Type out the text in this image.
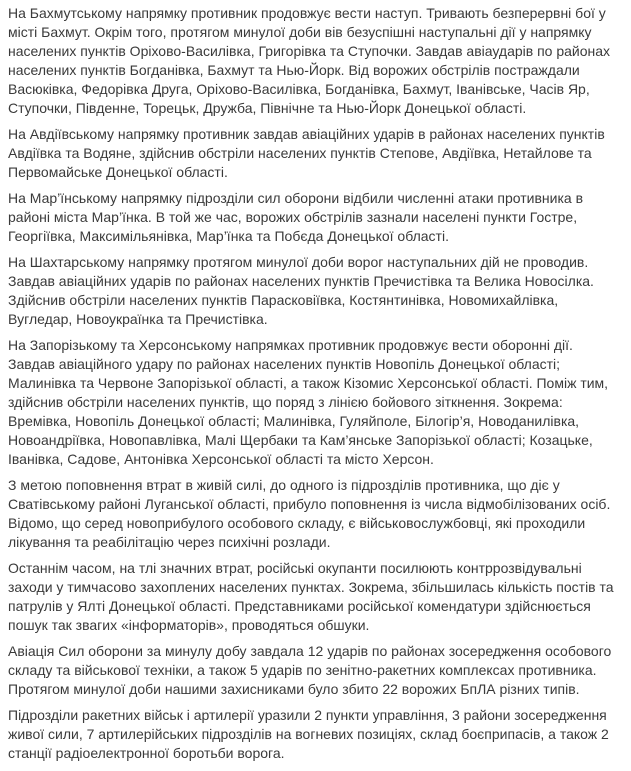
На Бахмутському напрямку противник продовжує вести наступ. Тривають безперервні бої у місті Бахмут. Окрім того, протягом минулої доби вів безуспішні наступальні дії у напрямку населених пунктів Оріхово-Василівка, Григорівка та Ступочки. Завдав авіаударів по районах населених пунктів Богданівка, Бахмут та Нью-Йорк. Від ворожих обстрілів постраждали Васюківка, Федорівка Друга, Оріхово-Василівка, Богданівка, Бахмут, Іванівське, Часів Яр, Ступочки, Південне, Торецьк, Дружба, Північне та Нью-Йорк Донецької області.

На Авдіївському напрямку противник завдав авіаційних ударів в районах населених пунктів Авдіївка та Водяне, здійснив обстріли населених пунктів Степове, Авдіївка, Нетайлове та Первомайське Донецької області.

На Мар’їнському напрямку підрозділи сил оборони відбили численні атаки противника в районі міста Мар’їнка. В той же час, ворожих обстрілів зазнали населені пункти Гостре, Георгіївка, Максимільянівка, Мар’їнка та Побєда Донецької області.

На Шахтарському напрямку протягом минулої доби ворог наступальних дій не проводив. Завдав авіаційних ударів по районах населених пунктів Пречистівка та Велика Новосілка. Здійснив обстріли населених пунктів Парасковіївка, Костянтинівка, Новомихайлівка, Вугледар, Новоукраїнка та Пречистівка.

На Запорізькому та Херсонському напрямках противник продовжує вести оборонні дії. Завдав авіаційного удару по районах населених пунктів Новопіль Донецької області; Малинівка та Червоне Запорізької області, а також Кізомис Херсонської області. Поміж тим, здійснив обстріли населених пунктів, що поряд з лінією бойового зіткнення. Зокрема: Времівка, Новопіль Донецької області; Малинівка, Гуляйполе, Білогір’я, Новоданилівка, Новоандріївка, Новопавлівка, Малі Щербаки та Кам’янське Запорізької області; Козацьке, Іванівка, Садове, Антонівка Херсонської області та місто Херсон.

З метою поповнення втрат в живій силі, до одного із підрозділів противника, що діє у Сватівському районі Луганської області, прибуло поповнення із числа відмобілізованих осіб. Відомо, що серед новоприбулого особового складу, є військовослужбовці, які проходили лікування та реабілітацію через психічні розлади.

Останнім часом, на тлі значних втрат, російські окупанти посилюють контррозвідувальні заходи у тимчасово захоплених населених пунктах. Зокрема, збільшилась кількість постів та патрулів у Ялті Донецької області. Представниками російської комендатури здійснюється пошук так звагих «інформаторів», проводяться обшуки.

Авіація Сил оборони за минулу добу завдала 12 ударів по районах зосередження особового складу та військової техніки, а також 5 ударів по зенітно-ракетних комплексах противника. Протягом минулої доби нашими захисниками було збито 22 ворожих БпЛА різних типів.

Підрозділи ракетних військ і артилерії уразили 2 пункти управління, 3 райони зосередження живої сили, 7 артилерійських підрозділів на вогневих позиціях, склад боєприпасів, а також 2 станції радіоелектронної боротьби ворога.
